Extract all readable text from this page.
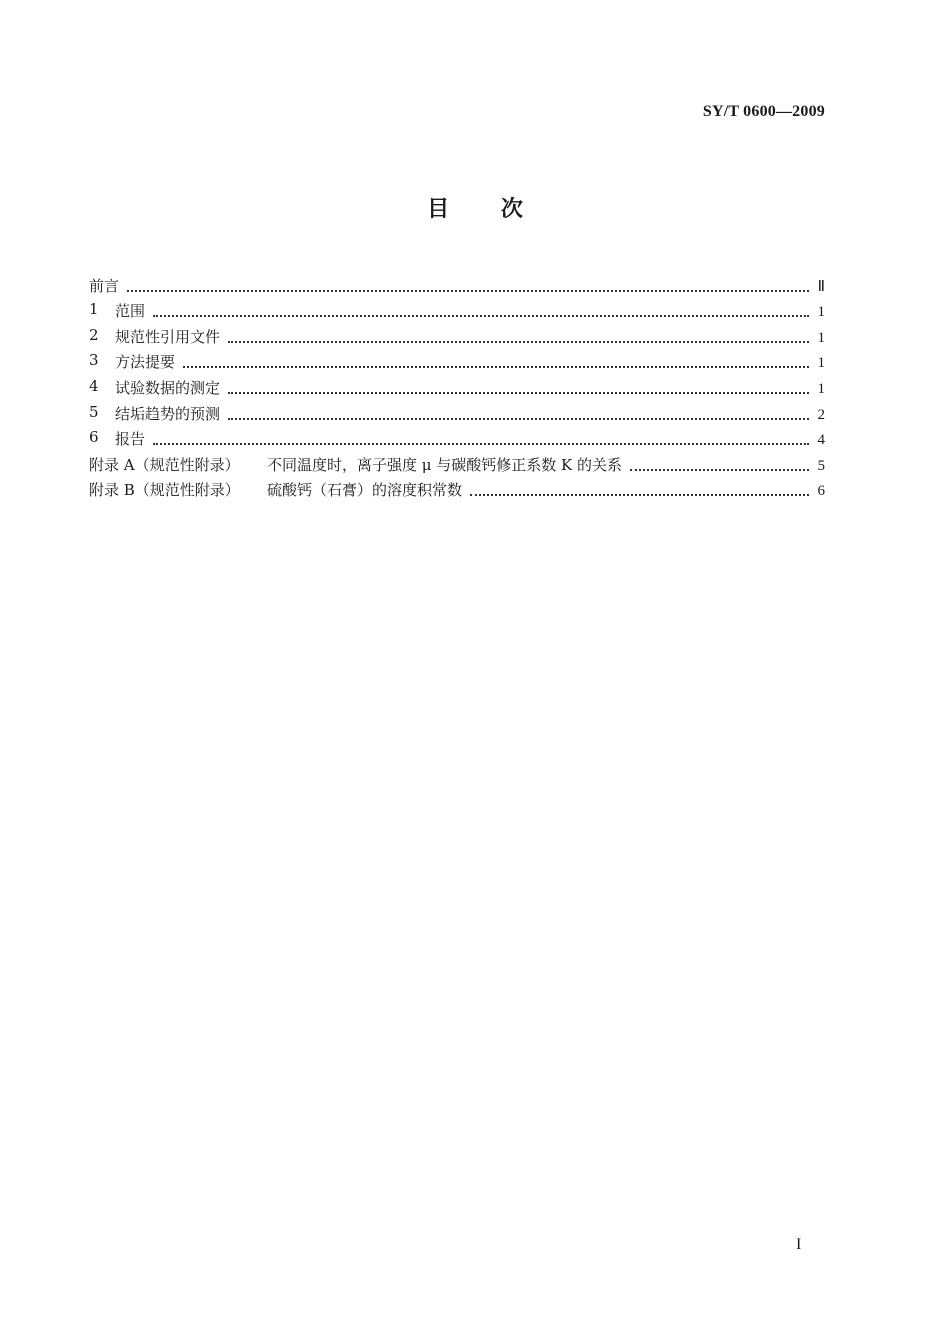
SY/T 0600—2009
目 次
前言	Ⅱ
1	范围	1
2	规范性引用文件	1
3	方法提要	1
4	试验数据的测定	1
5	结垢趋势的预测	2
6	报告	4
附录 A（规范性附录）	不同温度时，离子强度 μ 与碳酸钙修正系数 K 的关系	5
附录 B（规范性附录）	硫酸钙（石膏）的溶度积常数	6
I
